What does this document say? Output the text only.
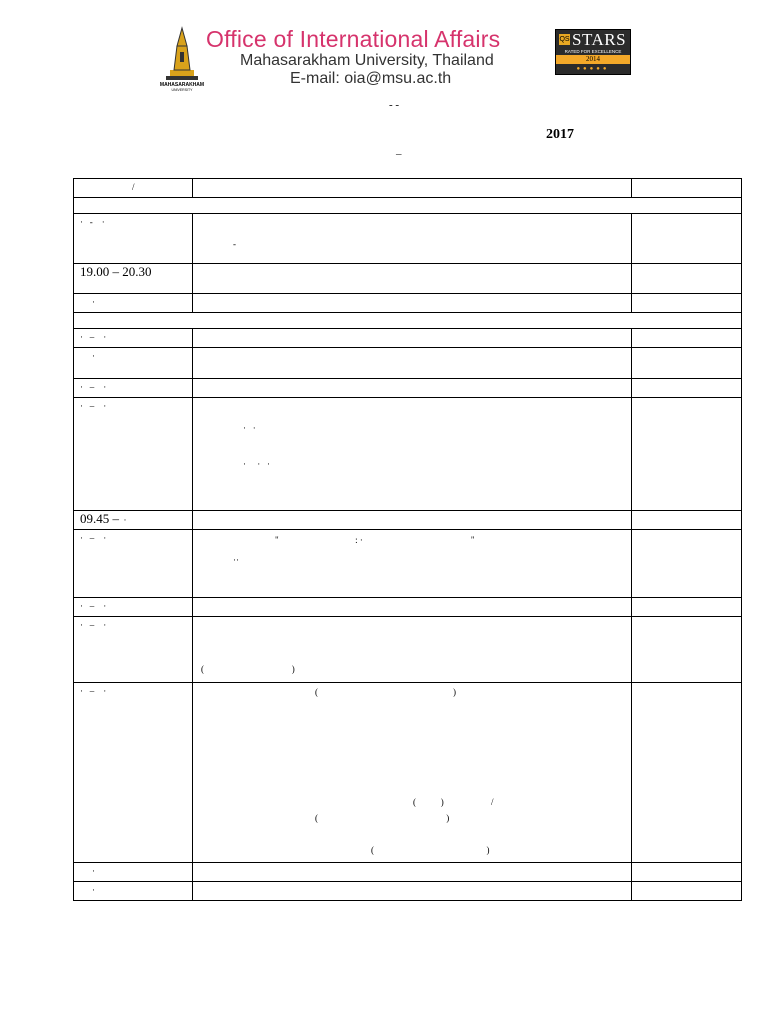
MAHASARAKHAM
UNIVERSITY
Office of International Affairs
Mahasarakham University, Thailand
E-mail: oia@msu.ac.th
QS STARS
RATED FOR EXCELLENCE
2014
●●●●●
- -
2017
–
/		

·   -    ·	-	

19.00 – 20.30		
·		

·   –    ·		
·		
·   –    ·		
·   –    ·	·   ·
·     ·   ·	

09.45 –  ·		
·   –    ·	"                                  : ·                                                "
··	

·   –    ·		
·   –    ·	( )	

·   –    ·	(                                                            )
(           )                     /
(                                                         )
(                                                  )	

·		
·		
